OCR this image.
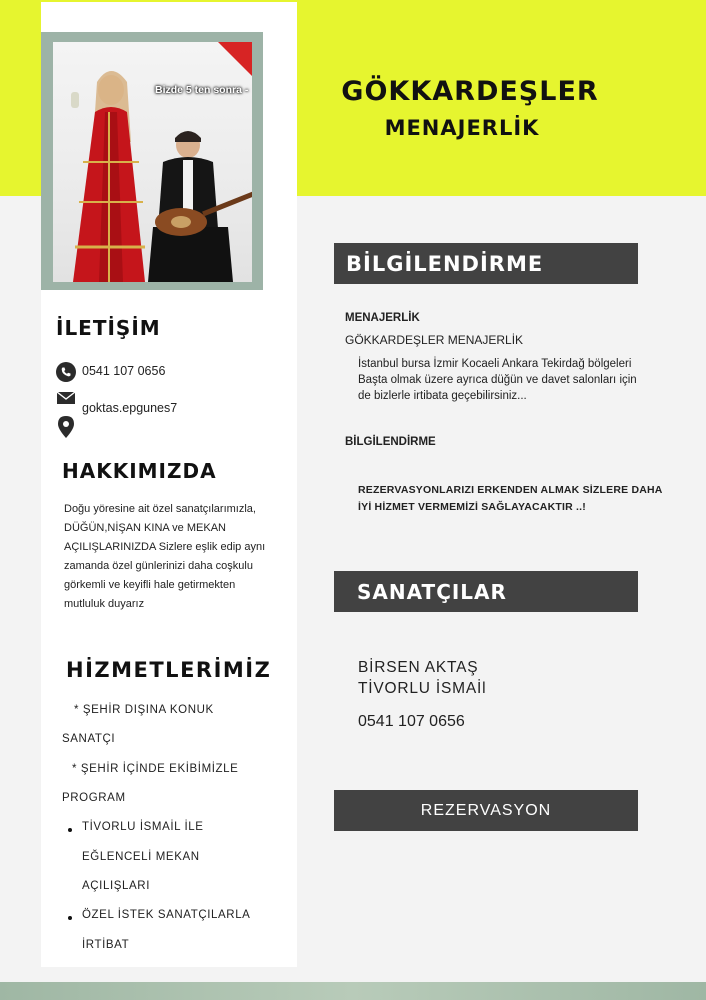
GÖKKARDEŞLER
MENAJERLİK
Bizde 5 ten sonra -
İLETİŞİM
0541 107 0656
goktas.epgunes7
HAKKIMIZDA
Doğu yöresine ait özel sanatçılarımızla, DÜĞÜN,NİŞAN KINA ve MEKAN AÇILIŞLARINIZDA Sizlere eşlik edip aynı zamanda özel günlerinizi daha coşkulu görkemli ve keyifli hale getirmekten mutluluk duyarız
HİZMETLERİMİZ
* ŞEHİR DIŞINA KONUK
SANATÇI
* ŞEHİR İÇİNDE EKİBİMİZLE
PROGRAM
TİVORLU İSMAİL İLE
EĞLENCELİ MEKAN
AÇILIŞLARI
ÖZEL İSTEK SANATÇILARLA
İRTİBAT
BİLGİLENDİRME
MENAJERLİK
GÖKKARDEŞLER MENAJERLİK
İstanbul bursa İzmir Kocaeli Ankara Tekirdağ bölgeleri
Başta olmak üzere ayrıca düğün ve davet salonları için
de bizlerle irtibata geçebilirsiniz...
BİLGİLENDİRME
REZERVASYONLARIZI ERKENDEN ALMAK SİZLERE DAHA
İYİ HİZMET VERMEMİZİ SAĞLAYACAKTIR ..!
SANATÇILAR
BİRSEN AKTAŞ
TİVORLU İSMAİl
0541 107 0656
REZERVASYON
